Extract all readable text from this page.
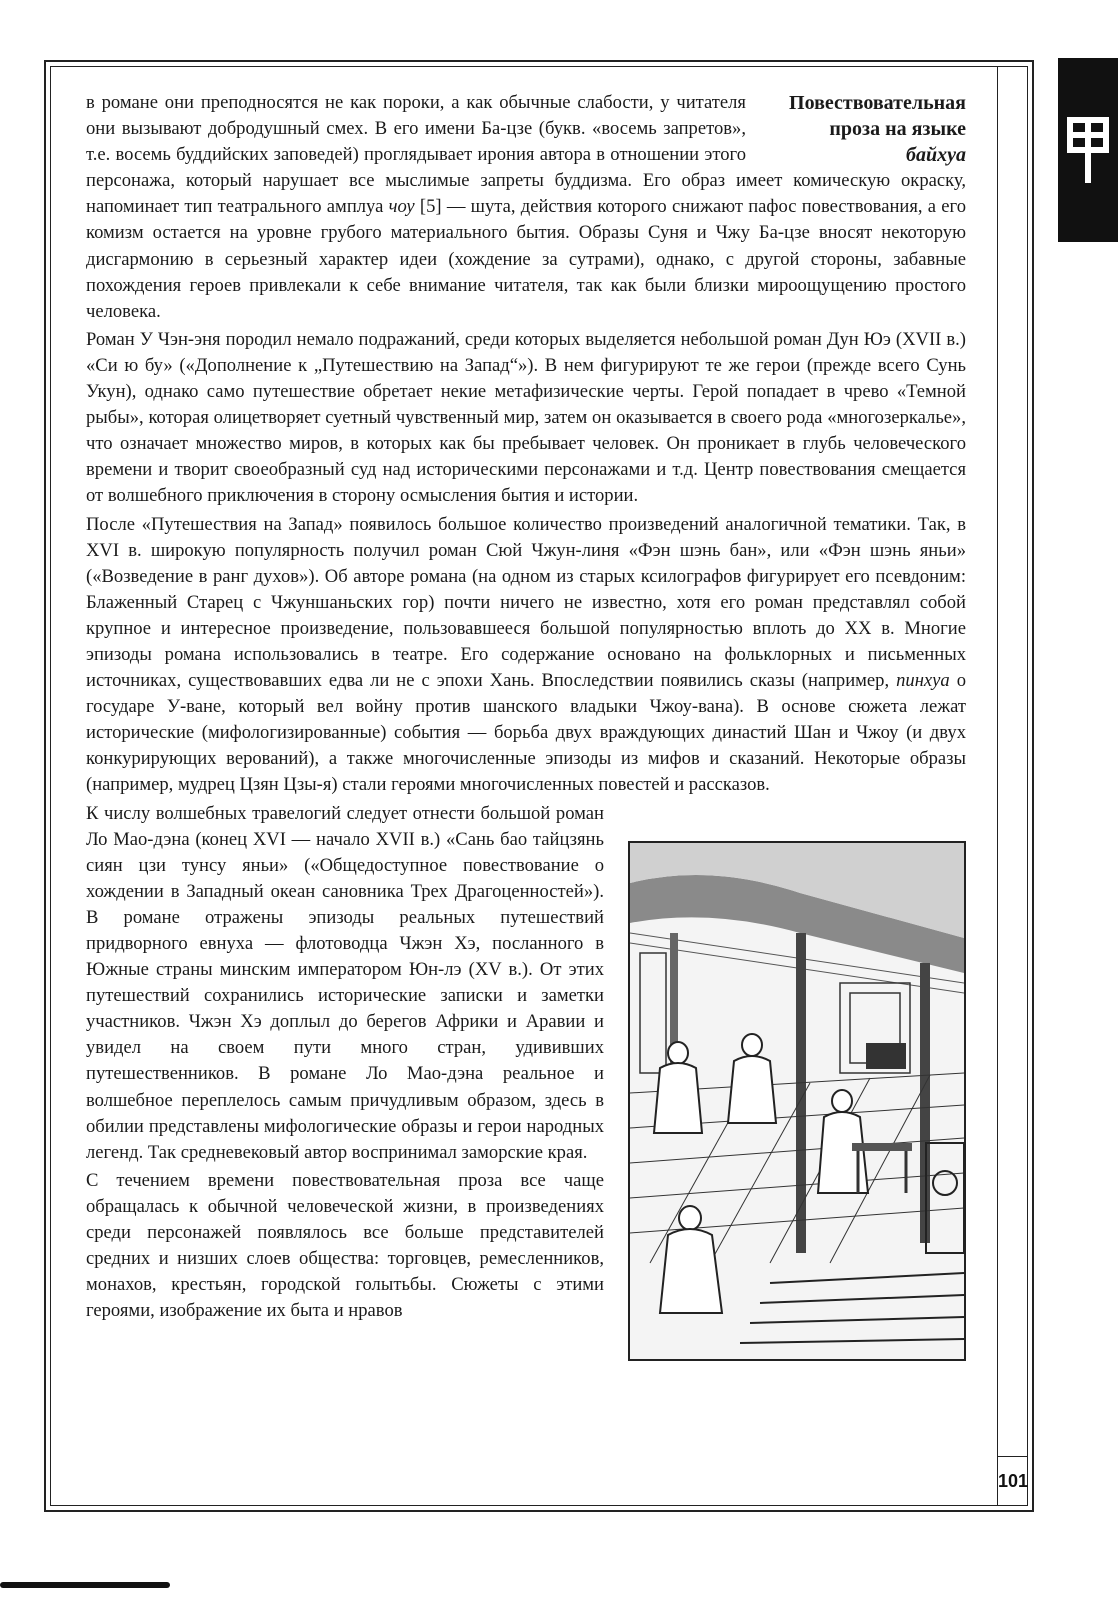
Повествовательная
проза на языке
байхуа

в романе они преподносятся не как пороки, а как обычные слабости, у читателя они вызывают добродушный смех. В его имени Ба-цзе (букв. «восемь запретов», т.е. восемь буддийских заповедей) проглядывает ирония автора в отношении этого персонажа, который нарушает все мыслимые запреты буддизма. Его образ имеет комическую окраску, напоминает тип театрального амплуа чоу [5] — шута, действия которого снижают пафос повествования, а его комизм остается на уровне грубого материального бытия. Образы Суня и Чжу Ба-цзе вносят некоторую дисгармонию в серьезный характер идеи (хождение за сутрами), однако, с другой стороны, забавные похождения героев привлекали к себе внимание читателя, так как были близки мироощущению простого человека.

Роман У Чэн-эня породил немало подражаний, среди которых выделяется небольшой роман Дун Юэ (XVII в.) «Си ю бу» («Дополнение к „Путешествию на Запад“»). В нем фигурируют те же герои (прежде всего Сунь Укун), однако само путешествие обретает некие метафизические черты. Герой попадает в чрево «Темной рыбы», которая олицетворяет суетный чувственный мир, затем он оказывается в своего рода «многозеркалье», что означает множество миров, в которых как бы пребывает человек. Он проникает в глубь человеческого времени и творит своеобразный суд над историческими персонажами и т.д. Центр повествования смещается от волшебного приключения в сторону осмысления бытия и истории.

После «Путешествия на Запад» появилось большое количество произведений аналогичной тематики. Так, в XVI в. широкую популярность получил роман Сюй Чжун-линя «Фэн шэнь бан», или «Фэн шэнь яньи» («Возведение в ранг духов»). Об авторе романа (на одном из старых ксилографов фигурирует его псевдоним: Блаженный Старец с Чжуншаньских гор) почти ничего не известно, хотя его роман представлял собой крупное и интересное произведение, пользовавшееся большой популярностью вплоть до XX в. Многие эпизоды романа использовались в театре. Его содержание основано на фольклорных и письменных источниках, существовавших едва ли не с эпохи Хань. Впоследствии появились сказы (например, пинхуа о государе У-ване, который вел войну против шанского владыки Чжоу-вана). В основе сюжета лежат исторические (мифологизированные) события — борьба двух враждующих династий Шан и Чжоу (и двух конкурирующих верований), а также многочисленные эпизоды из мифов и сказаний. Некоторые образы (например, мудрец Цзян Цзы-я) стали героями многочисленных повестей и рассказов.

К числу волшебных травелогий следует отнести большой роман Ло Мао-дэна (конец XVI — начало XVII в.) «Сань бао тайцзянь сиян цзи тунсу яньи» («Общедоступное повествование о хождении в Западный океан сановника Трех Драгоценностей»). В романе отражены эпизоды реальных путешествий придворного евнуха — флотоводца Чжэн Хэ, посланного в Южные страны минским императором Юн-лэ (XV в.). От этих путешествий сохранились исторические записки и заметки участников. Чжэн Хэ доплыл до берегов Африки и Аравии и увидел на своем пути много стран, удививших путешественников. В романе Ло Мао-дэна реальное и волшебное переплелось самым причудливым образом, здесь в обилии представлены мифологические образы и герои народных легенд. Так средневековый автор воспринимал заморские края.

С течением времени повествовательная проза все чаще обращалась к обычной человеческой жизни, в произведениях среди персонажей появлялось все больше представителей средних и низших слоев общества: торговцев, ремесленников, монахов, крестьян, городской голытьбы. Сюжеты с этими героями, изображение их быта и нравов

101
